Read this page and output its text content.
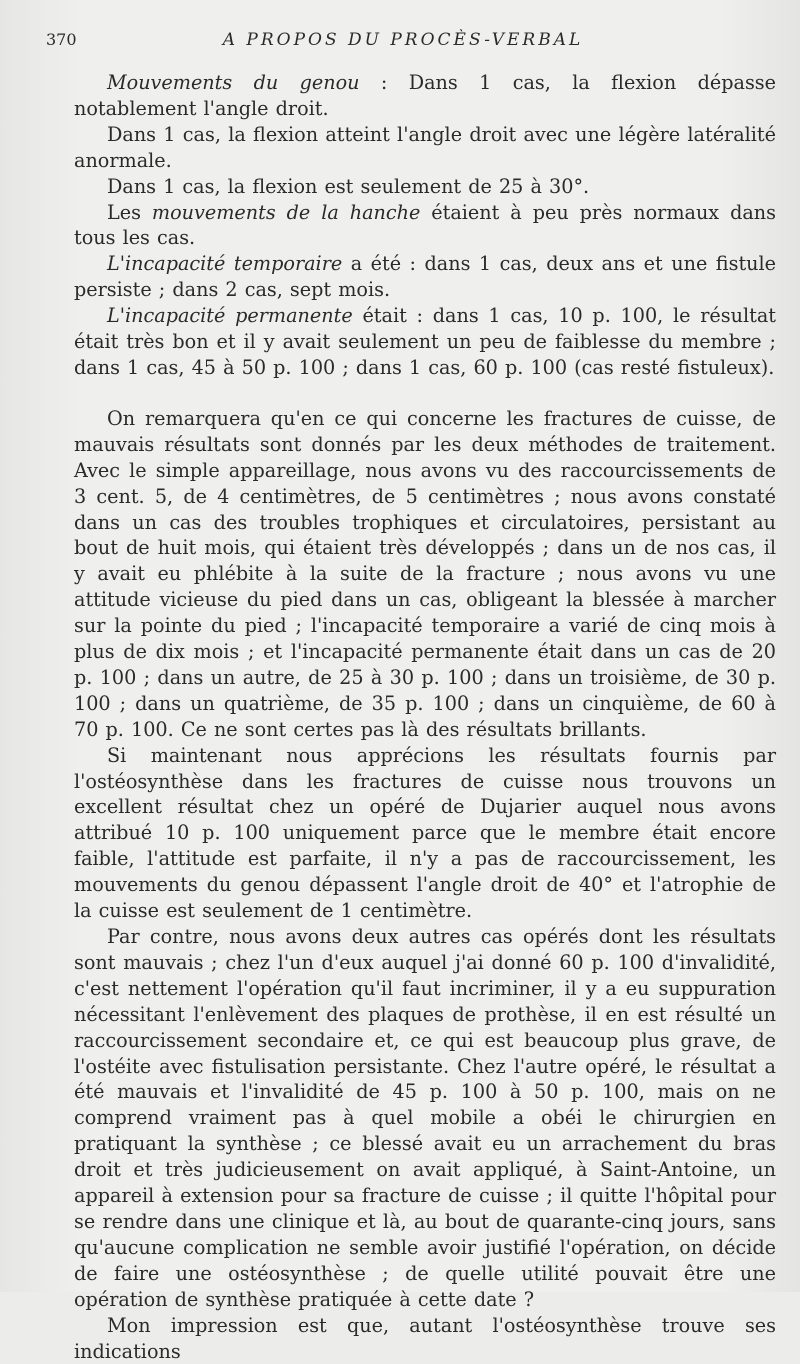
370	A PROPOS DU PROCÈS-VERBAL

Mouvements du genou : Dans 1 cas, la flexion dépasse notablement l'angle droit.

Dans 1 cas, la flexion atteint l'angle droit avec une légère latéralité anormale.

Dans 1 cas, la flexion est seulement de 25 à 30°.

Les mouvements de la hanche étaient à peu près normaux dans tous les cas.

L'incapacité temporaire a été : dans 1 cas, deux ans et une fistule persiste ; dans 2 cas, sept mois.

L'incapacité permanente était : dans 1 cas, 10 p. 100, le résultat était très bon et il y avait seulement un peu de faiblesse du membre ; dans 1 cas, 45 à 50 p. 100 ; dans 1 cas, 60 p. 100 (cas resté fistuleux).

On remarquera qu'en ce qui concerne les fractures de cuisse, de mauvais résultats sont donnés par les deux méthodes de traitement. Avec le simple appareillage, nous avons vu des raccourcissements de 3 cent. 5, de 4 centimètres, de 5 centimètres ; nous avons constaté dans un cas des troubles trophiques et circulatoires, persistant au bout de huit mois, qui étaient très développés ; dans un de nos cas, il y avait eu phlébite à la suite de la fracture ; nous avons vu une attitude vicieuse du pied dans un cas, obligeant la blessée à marcher sur la pointe du pied ; l'incapacité temporaire a varié de cinq mois à plus de dix mois ; et l'incapacité permanente était dans un cas de 20 p. 100 ; dans un autre, de 25 à 30 p. 100 ; dans un troisième, de 30 p. 100 ; dans un quatrième, de 35 p. 100 ; dans un cinquième, de 60 à 70 p. 100. Ce ne sont certes pas là des résultats brillants.

Si maintenant nous apprécions les résultats fournis par l'ostéosynthèse dans les fractures de cuisse nous trouvons un excellent résultat chez un opéré de Dujarier auquel nous avons attribué 10 p. 100 uniquement parce que le membre était encore faible, l'attitude est parfaite, il n'y a pas de raccourcissement, les mouvements du genou dépassent l'angle droit de 40° et l'atrophie de la cuisse est seulement de 1 centimètre.

Par contre, nous avons deux autres cas opérés dont les résultats sont mauvais ; chez l'un d'eux auquel j'ai donné 60 p. 100 d'invalidité, c'est nettement l'opération qu'il faut incriminer, il y a eu suppuration nécessitant l'enlèvement des plaques de prothèse, il en est résulté un raccourcissement secondaire et, ce qui est beaucoup plus grave, de l'ostéite avec fistulisation persistante. Chez l'autre opéré, le résultat a été mauvais et l'invalidité de 45 p. 100 à 50 p. 100, mais on ne comprend vraiment pas à quel mobile a obéi le chirurgien en pratiquant la synthèse ; ce blessé avait eu un arrachement du bras droit et très judicieusement on avait appliqué, à Saint-Antoine, un appareil à extension pour sa fracture de cuisse ; il quitte l'hôpital pour se rendre dans une clinique et là, au bout de quarante-cinq jours, sans qu'aucune complication ne semble avoir justifié l'opération, on décide de faire une ostéosynthèse ; de quelle utilité pouvait être une opération de synthèse pratiquée à cette date ?

Mon impression est que, autant l'ostéosynthèse trouve ses indications
